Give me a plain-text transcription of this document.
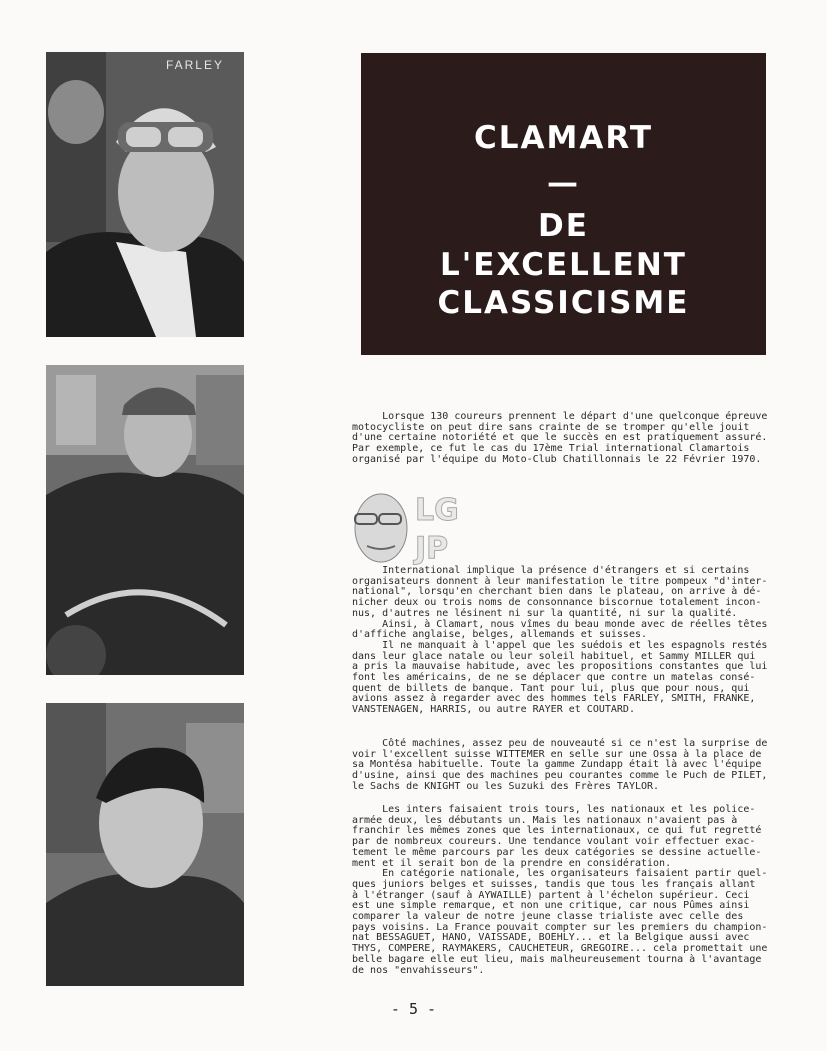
FARLEY
CLAMART
—
DE
L'EXCELLENT
CLASSICISME
Lorsque 130 coureurs prennent le départ d'une quelconque épreuve
motocycliste on peut dire sans crainte de se tromper qu'elle jouit
d'une certaine notoriété et que le succès en est pratiquement assuré.
Par exemple, ce fut le cas du 17ème Trial international Clamartois
organisé par l'équipe du Moto-Club Chatillonnais le 22 Février 1970.
LG
JP
International implique la présence d'étrangers et si certains
organisateurs donnent à leur manifestation le titre pompeux "d'inter-
national", lorsqu'en cherchant bien dans le plateau, on arrive à dé-
nicher deux ou trois noms de consonnance biscornue totalement incon-
nus, d'autres ne lésinent ni sur la quantité, ni sur la qualité.
Ainsi, à Clamart, nous vîmes du beau monde avec de réelles têtes
d'affiche anglaise, belges, allemands et suisses.
Il ne manquait à l'appel que les suédois et les espagnols restés
dans leur glace natale ou leur soleil habituel, et Sammy MILLER qui
a pris la mauvaise habitude, avec les propositions constantes que lui
font les américains, de ne se déplacer que contre un matelas consé-
quent de billets de banque. Tant pour lui, plus que pour nous, qui
avions assez à regarder avec des hommes tels FARLEY, SMITH, FRANKE,
VANSTENAGEN, HARRIS, ou autre RAYER et COUTARD.
Côté machines, assez peu de nouveauté si ce n'est la surprise de
voir l'excellent suisse WITTEMER en selle sur une Ossa à la place de
sa Montésa habituelle. Toute la gamme Zundapp était là avec l'équipe
d'usine, ainsi que des machines peu courantes comme le Puch de PILET,
le Sachs de KNIGHT ou les Suzuki des Frères TAYLOR.
Les inters faisaient trois tours, les nationaux et les police-
armée deux, les débutants un. Mais les nationaux n'avaient pas à
franchir les mêmes zones que les internationaux, ce qui fut regretté
par de nombreux coureurs. Une tendance voulant voir effectuer exac-
tement le même parcours par les deux catégories se dessine actuelle-
ment et il serait bon de la prendre en considération.
En catégorie nationale, les organisateurs faisaient partir quel-
ques juniors belges et suisses, tandis que tous les français allant
à l'étranger (sauf à AYWAILLE) partent à l'échelon supérieur. Ceci
est une simple remarque, et non une critique, car nous Pûmes ainsi
comparer la valeur de notre jeune classe trialiste avec celle des
pays voisins. La France pouvait compter sur les premiers du champion-
nat BESSAGUET, HANO, VAISSADE, BOEHLY... et la Belgique aussi avec
THYS, COMPERE, RAYMAKERS, CAUCHETEUR, GREGOIRE... cela promettait une
belle bagare elle eut lieu, mais malheureusement tourna à l'avantage
de nos "envahisseurs".
- 5 -
